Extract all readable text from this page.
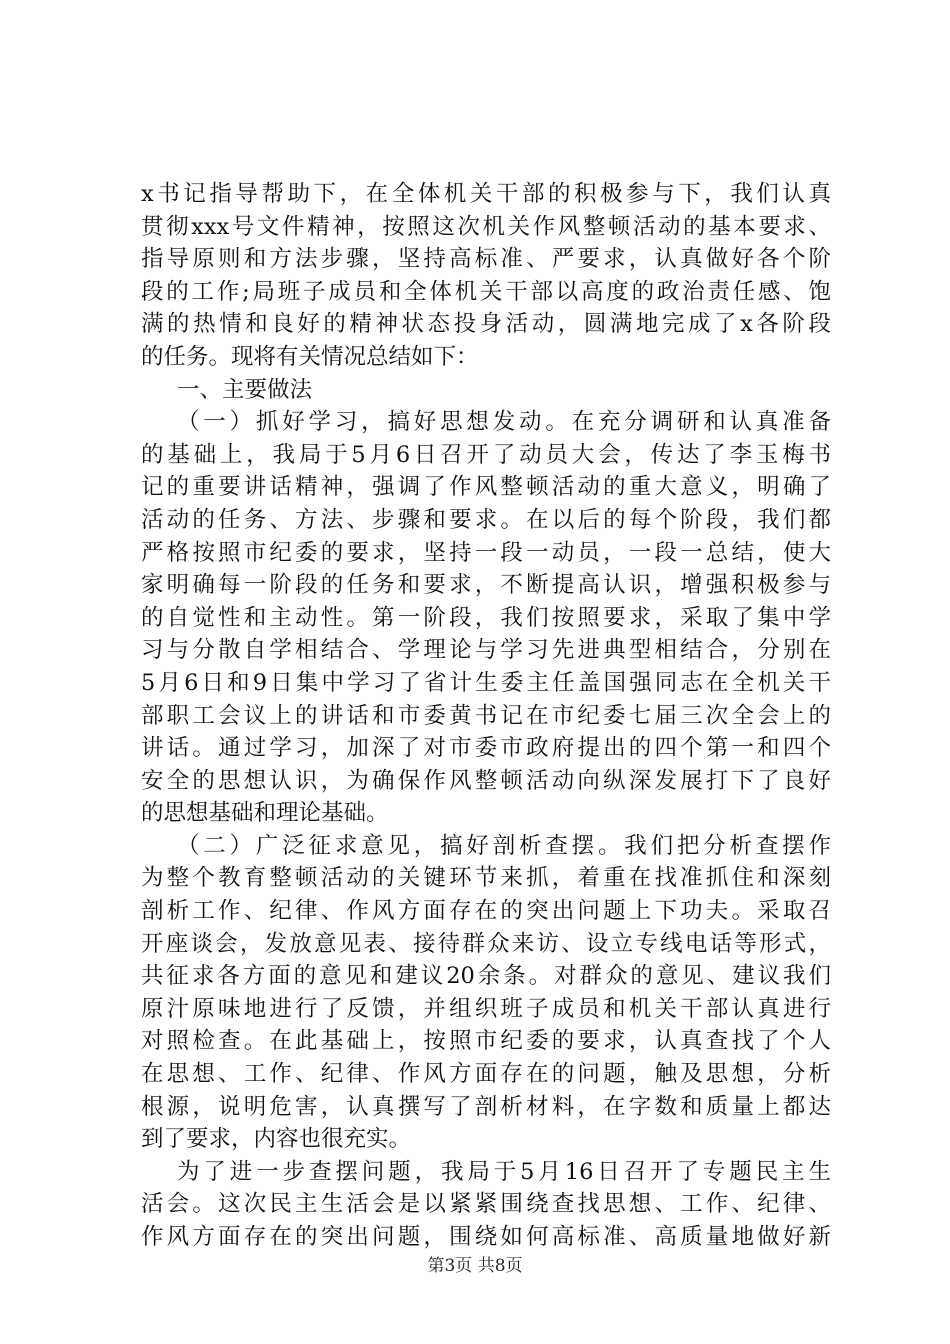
x书记指导帮助下，在全体机关干部的积极参与下，我们认真
贯彻xxx号文件精神，按照这次机关作风整顿活动的基本要求、
指导原则和方法步骤，坚持高标准、严要求，认真做好各个阶
段的工作;局班子成员和全体机关干部以高度的政治责任感、饱
满的热情和良好的精神状态投身活动，圆满地完成了x各阶段
的任务。现将有关情况总结如下：
一、主要做法
（一）抓好学习，搞好思想发动。在充分调研和认真准备
的基础上，我局于5月6日召开了动员大会，传达了李玉梅书
记的重要讲话精神，强调了作风整顿活动的重大意义，明确了
活动的任务、方法、步骤和要求。在以后的每个阶段，我们都
严格按照市纪委的要求，坚持一段一动员，一段一总结，使大
家明确每一阶段的任务和要求，不断提高认识，增强积极参与
的自觉性和主动性。第一阶段，我们按照要求，采取了集中学
习与分散自学相结合、学理论与学习先进典型相结合，分别在
5月6日和9日集中学习了省计生委主任盖国强同志在全机关干
部职工会议上的讲话和市委黄书记在市纪委七届三次全会上的
讲话。通过学习，加深了对市委市政府提出的四个第一和四个
安全的思想认识，为确保作风整顿活动向纵深发展打下了良好
的思想基础和理论基础。
（二）广泛征求意见，搞好剖析查摆。我们把分析查摆作
为整个教育整顿活动的关键环节来抓，着重在找准抓住和深刻
剖析工作、纪律、作风方面存在的突出问题上下功夫。采取召
开座谈会，发放意见表、接待群众来访、设立专线电话等形式，
共征求各方面的意见和建议20余条。对群众的意见、建议我们
原汁原味地进行了反馈，并组织班子成员和机关干部认真进行
对照检查。在此基础上，按照市纪委的要求，认真查找了个人
在思想、工作、纪律、作风方面存在的问题，触及思想，分析
根源，说明危害，认真撰写了剖析材料，在字数和质量上都达
到了要求，内容也很充实。
为了进一步查摆问题，我局于5月16日召开了专题民主生
活会。这次民主生活会是以紧紧围绕查找思想、工作、纪律、
作风方面存在的突出问题，围绕如何高标准、高质量地做好新
第3页 共8页
